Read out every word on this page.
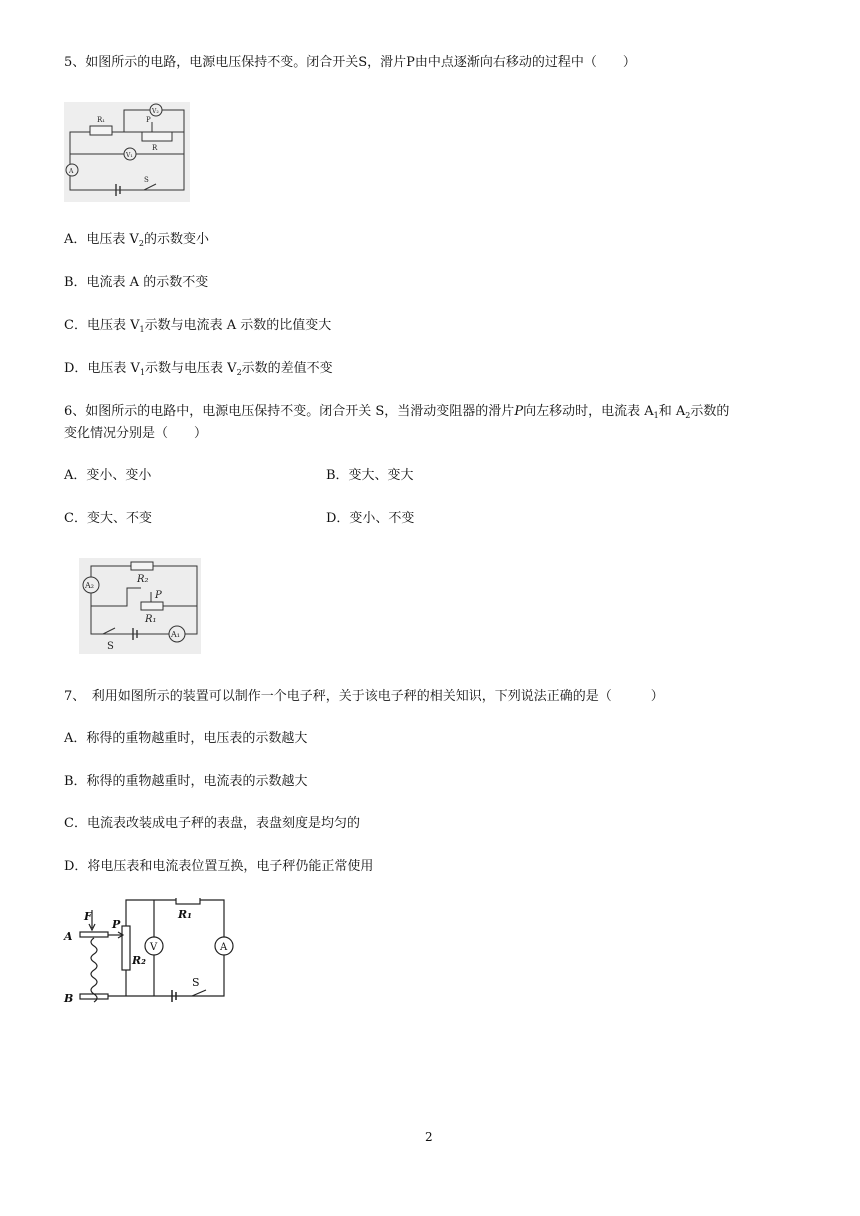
5、如图所示的电路，电源电压保持不变。闭合开关S，滑片P由中点逐渐向右移动的过程中（　　）
R₁
R
P
V₂
V₁
A
S
A．电压表 $V_2$的示数变小
B．电流表 A 的示数不变
C．电压表 $V_1$示数与电流表 A 示数的比值变大
D．电压表 $V_1$示数与电压表 $V_2$示数的差值不变
6、如图所示的电路中，电源电压保持不变。闭合开关 S，当滑动变阻器的滑片P向左移动时，电流表 $A_1$和 $A_2$示数的
变化情况分别是（　　）
A．变小、变小	B．变大、变大
C．变大、不变	D．变小、不变
R₂
R₁
P
A₂
A₁
S
7、　利用如图所示的装置可以制作一个电子秤，关于该电子秤的相关知识，下列说法正确的是（　　　）
A．称得的重物越重时，电压表的示数越大
B．称得的重物越重时，电流表的示数越大
C．电流表改装成电子秤的表盘，表盘刻度是均匀的
D．将电压表和电流表位置互换，电子秤仍能正常使用
F
P
A
B
R₁
R₂
V	A
S
2
